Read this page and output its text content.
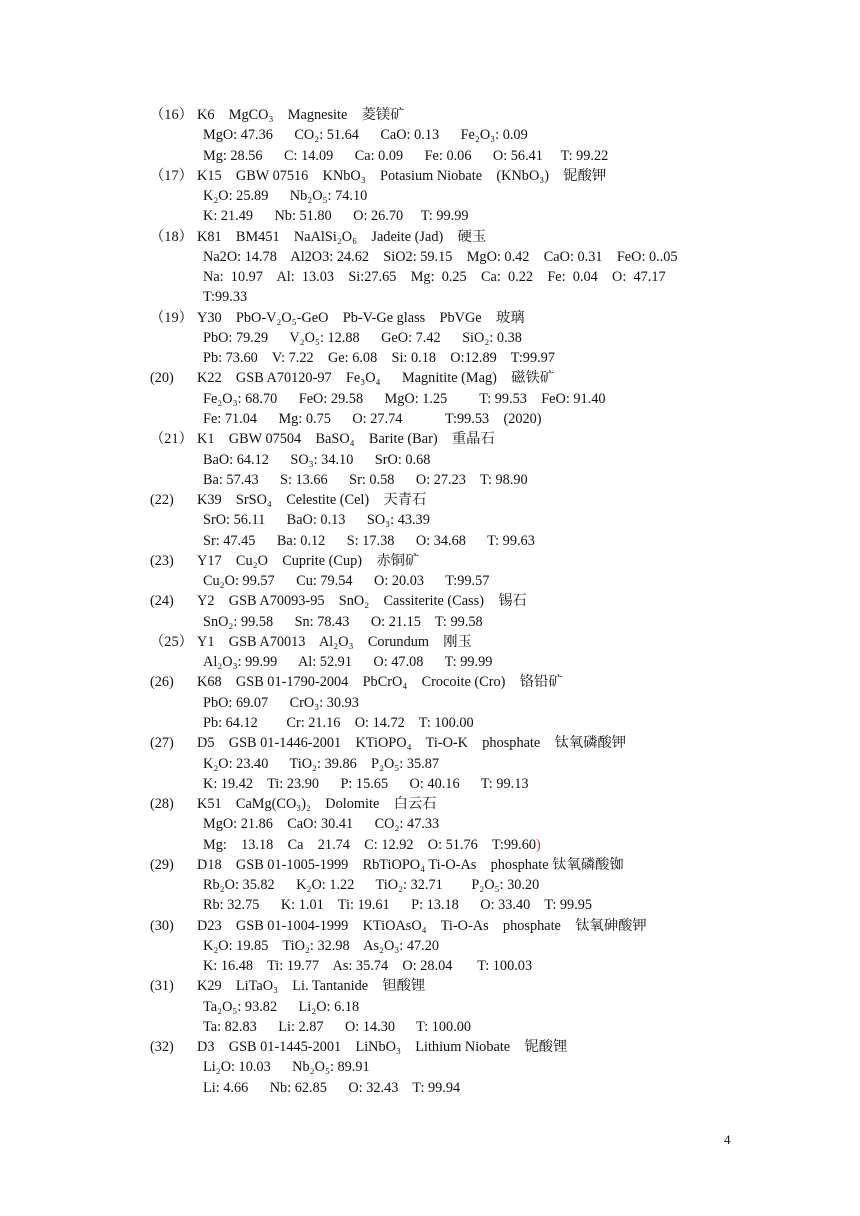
（16） K6    MgCO₃    Magnesite    菱镁矿
MgO: 47.36      CO₂: 51.64      CaO: 0.13      Fe₂O₃: 0.09
Mg: 28.56      C: 14.09      Ca: 0.09      Fe: 0.06      O: 56.41     T: 99.22
（17） K15    GBW 07516    KNbO₃    Potasium Niobate    (KNbO₃)    铌酸钾
K₂O: 25.89      Nb₂O₅: 74.10
K: 21.49      Nb: 51.80      O: 26.70     T: 99.99
（18） K81    BM451    NaAlSi₂O₆    Jadeite (Jad)    硬玉
Na2O: 14.78    Al2O3: 24.62    SiO2: 59.15    MgO: 0.42    CaO: 0.31    FeO: 0..05
Na:  10.97    Al:  13.03    Si:27.65    Mg:  0.25    Ca:  0.22    Fe:  0.04    O:  47.17
T:99.33
（19） Y30    PbO-V₂O₅-GeO    Pb-V-Ge glass    PbVGe    玻璃
PbO: 79.29      V₂O₅: 12.88      GeO: 7.42      SiO₂: 0.38
Pb: 73.60    V: 7.22    Ge: 6.08    Si: 0.18    O:12.89    T:99.97
(20) K22    GSB A70120-97    Fe₃O₄      Magnitite (Mag)    磁铁矿
Fe₂O₃: 68.70      FeO: 29.58      MgO: 1.25         T: 99.53    FeO: 91.40
Fe: 71.04      Mg: 0.75      O: 27.74            T:99.53    (2020)
（21） K1    GBW 07504    BaSO₄    Barite (Bar)    重晶石
BaO: 64.12      SO₃: 34.10      SrO: 0.68
Ba: 57.43      S: 13.66      Sr: 0.58      O: 27.23    T: 98.90
(22) K39    SrSO₄    Celestite (Cel)    天青石
SrO: 56.11      BaO: 0.13      SO₃: 43.39
Sr: 47.45      Ba: 0.12      S: 17.38      O: 34.68      T: 99.63
(23) Y17    Cu₂O    Cuprite (Cup)    赤铜矿
Cu₂O: 99.57      Cu: 79.54      O: 20.03      T:99.57
(24) Y2    GSB A70093-95    SnO₂    Cassiterite (Cass)    锡石
SnO₂: 99.58      Sn: 78.43      O: 21.15    T: 99.58
（25） Y1    GSB A70013    Al₂O₃    Corundum    刚玉
Al₂O₃: 99.99      Al: 52.91      O: 47.08      T: 99.99
(26) K68    GSB 01-1790-2004    PbCrO₄    Crocoite (Cro)    铬铅矿
PbO: 69.07      CrO₃: 30.93
Pb: 64.12        Cr: 21.16    O: 14.72    T: 100.00
(27) D5    GSB 01-1446-2001    KTiOPO₄    Ti-O-K    phosphate    钛氧磷酸钾
K₂O: 23.40      TiO₂: 39.86    P₂O₅: 35.87
K: 19.42    Ti: 23.90      P: 15.65      O: 40.16      T: 99.13
(28) K51    CaMg(CO₃)₂    Dolomite    白云石
MgO: 21.86    CaO: 30.41      CO₂: 47.33
Mg:    13.18    Ca    21.74    C: 12.92    O: 51.76    T:99.60)
(29) D18    GSB 01-1005-1999    RbTiOPO₄ Ti-O-As    phosphate 钛氧磷酸铷
Rb₂O: 35.82      K₂O: 1.22      TiO₂: 32.71        P₂O₅: 30.20
Rb: 32.75      K: 1.01    Ti: 19.61      P: 13.18      O: 33.40    T: 99.95
(30) D23    GSB 01-1004-1999    KTiOAsO₄    Ti-O-As    phosphate    钛氧砷酸钾
K₂O: 19.85    TiO₂: 32.98    As₂O₃: 47.20
K: 16.48    Ti: 19.77    As: 35.74    O: 28.04       T: 100.03
(31) K29    LiTaO₃    Li. Tantanide    钽酸锂
Ta₂O₅: 93.82      Li₂O: 6.18
Ta: 82.83      Li: 2.87      O: 14.30      T: 100.00
(32) D3    GSB 01-1445-2001    LiNbO₃    Lithium Niobate    铌酸锂
Li₂O: 10.03      Nb₂O₅: 89.91
Li: 4.66      Nb: 62.85      O: 32.43    T: 99.94
4
